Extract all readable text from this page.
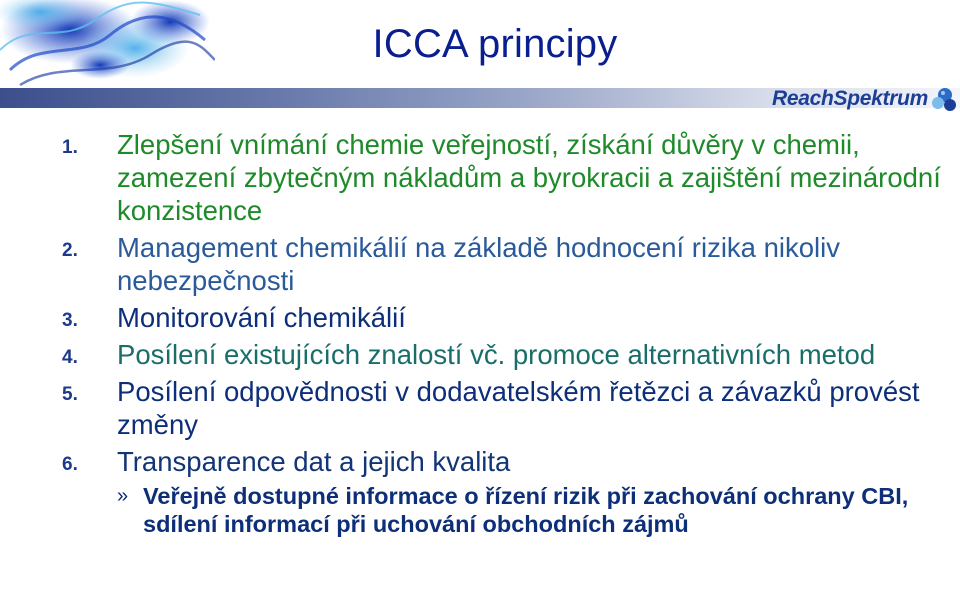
ICCA principy
ReachSpektrum
1.	Zlepšení vnímání chemie veřejností, získání důvěry v chemii, zamezení zbytečným nákladům a byrokracii a zajištění mezinárodní konzistence
2.	Management chemikálií na základě hodnocení rizika nikoliv nebezpečnosti
3.	Monitorování chemikálií
4.	Posílení existujících znalostí vč. promoce alternativních metod
5.	Posílení odpovědnosti v dodavatelském řetězci a závazků provést změny
6.	Transparence dat a jejich kvalita
» Veřejně dostupné informace o řízení rizik při zachování ochrany CBI, sdílení informací při uchování obchodních zájmů
